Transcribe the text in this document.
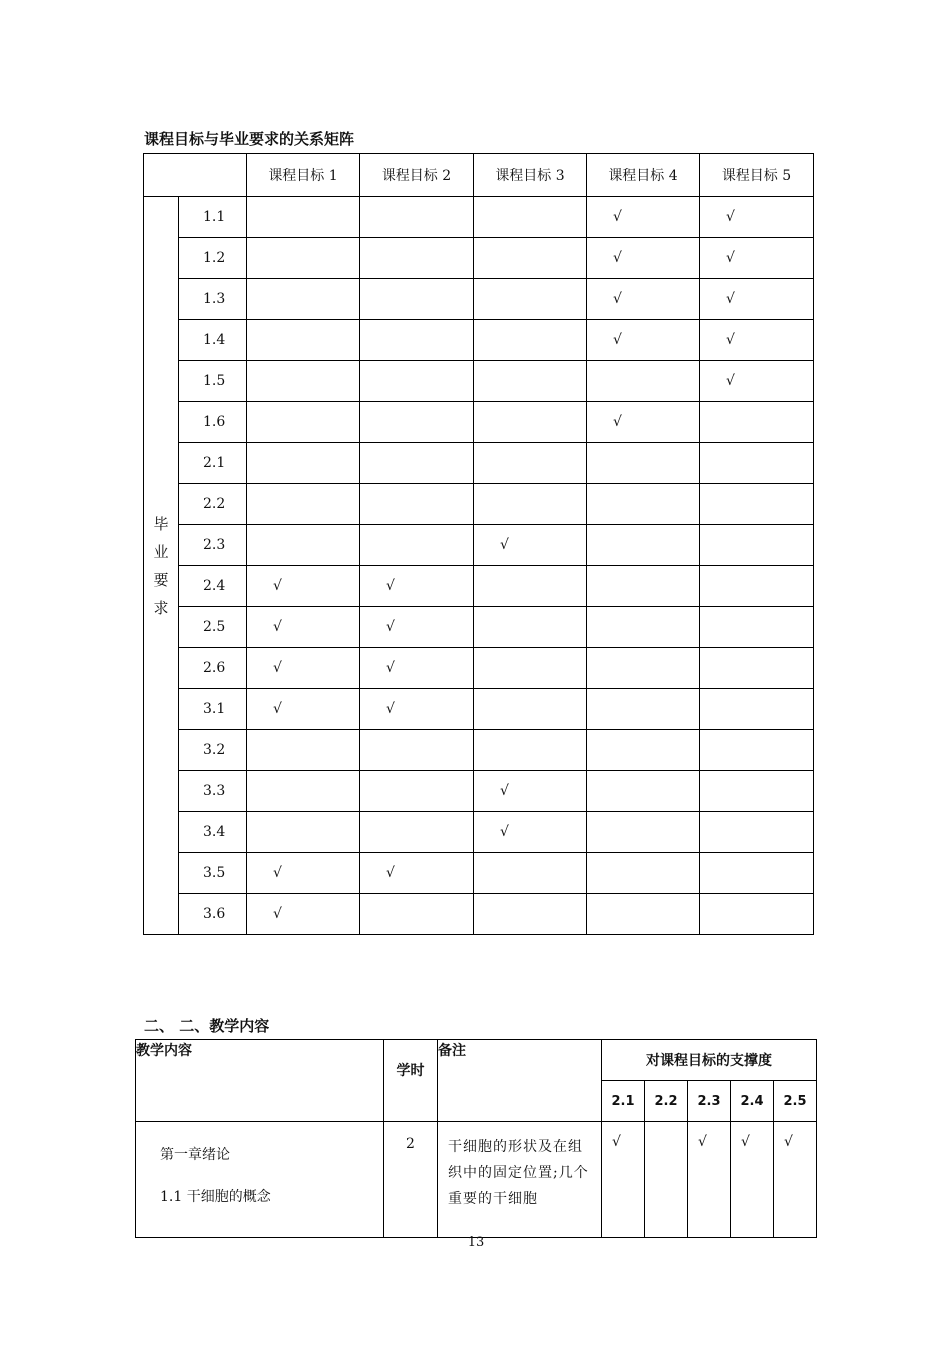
课程目标与毕业要求的关系矩阵
		课程目标 1	课程目标 2	课程目标 3	课程目标 4	课程目标 5
毕业要求	1.1				√	√
	1.2				√	√
	1.3				√	√
	1.4				√	√
	1.5					√
	1.6				√	
	2.1					
	2.2					
	2.3			√		
	2.4	√	√			
	2.5	√	√			
	2.6	√	√			
	3.1	√	√			
	3.2					
	3.3			√		
	3.4			√		
	3.5	√	√			
	3.6	√				
二、 二、教学内容
教学内容	学时	备注	对课程目标的支撑度				
			2.1	2.2	2.3	2.4	2.5

第一章绪论
1.1 干细胞的概念	2	干细胞的形状及在组织中的固定位置;几个重要的干细胞	√		√	√	√
13
